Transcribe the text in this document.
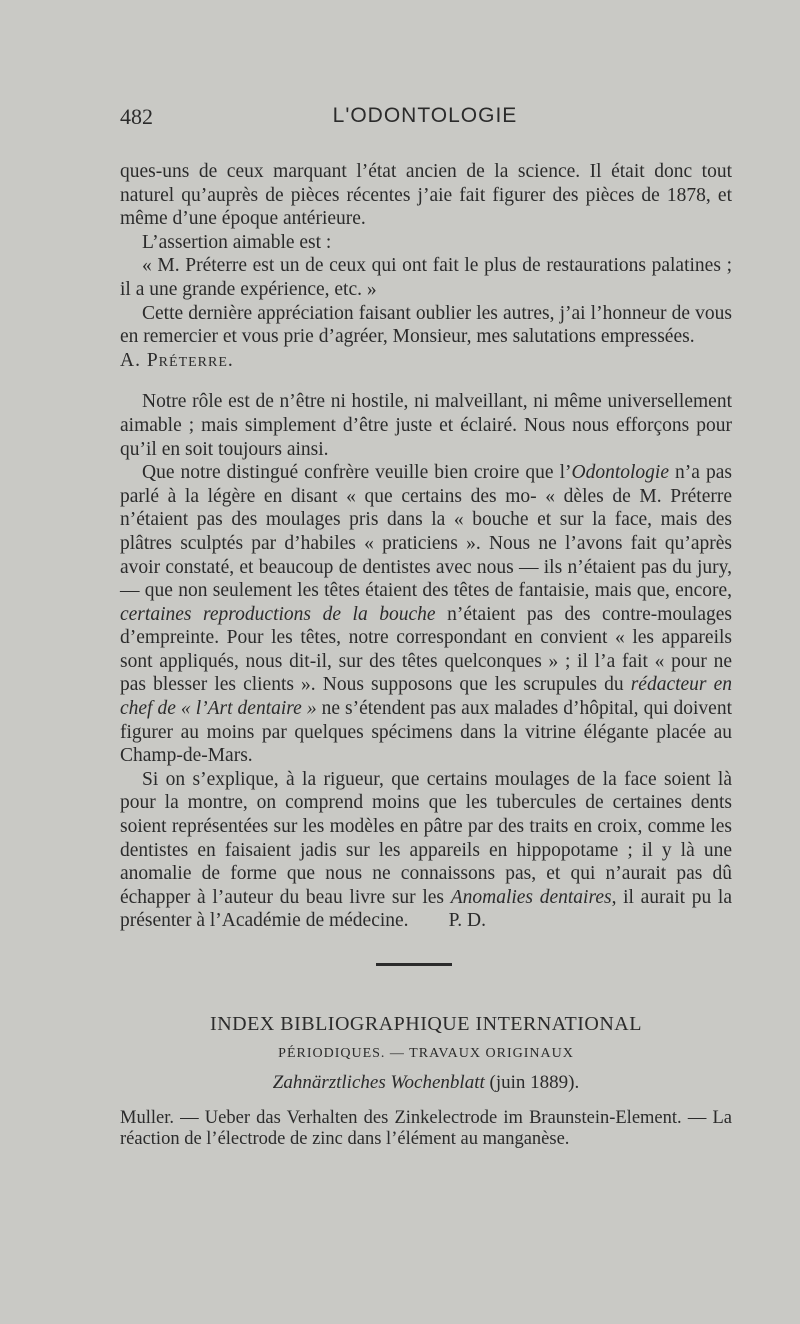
482	L'ODONTOLOGIE

ques-uns de ceux marquant l’état ancien de la science. Il était donc tout naturel qu’auprès de pièces récentes j’aie fait figurer des pièces de 1878, et même d’une époque antérieure.

L’assertion aimable est :

« M. Préterre est un de ceux qui ont fait le plus de restaurations palatines ; il a une grande expérience, etc. »

Cette dernière appréciation faisant oublier les autres, j’ai l’honneur de vous en remercier et vous prie d’agréer, Monsieur, mes salutations empressées.

A. Préterre.

Notre rôle est de n’être ni hostile, ni malveillant, ni même universellement aimable ; mais simplement d’être juste et éclairé. Nous nous efforçons pour qu’il en soit toujours ainsi.

Que notre distingué confrère veuille bien croire que l’Odontologie n’a pas parlé à la légère en disant « que certains des mo- « dèles de M. Préterre n’étaient pas des moulages pris dans la « bouche et sur la face, mais des plâtres sculptés par d’habiles « praticiens ». Nous ne l’avons fait qu’après avoir constaté, et beaucoup de dentistes avec nous — ils n’étaient pas du jury, — que non seulement les têtes étaient des têtes de fantaisie, mais que, encore, certaines reproductions de la bouche n’étaient pas des contre-moulages d’empreinte. Pour les têtes, notre correspondant en convient « les appareils sont appliqués, nous dit-il, sur des têtes quelconques » ; il l’a fait « pour ne pas blesser les clients ». Nous supposons que les scrupules du rédacteur en chef de « l’Art dentaire » ne s’étendent pas aux malades d’hôpital, qui doivent figurer au moins par quelques spécimens dans la vitrine élégante placée au Champ-de-Mars.

Si on s’explique, à la rigueur, que certains moulages de la face soient là pour la montre, on comprend moins que les tubercules de certaines dents soient représentées sur les modèles en pâtre par des traits en croix, comme les dentistes en faisaient jadis sur les appareils en hippopotame ; il y là une anomalie de forme que nous ne connaissons pas, et qui n’aurait pas dû échapper à l’auteur du beau livre sur les Anomalies dentaires, il aurait pu la présenter à l’Académie de médecine. P. D.

INDEX BIBLIOGRAPHIQUE INTERNATIONAL
PÉRIODIQUES. — TRAVAUX ORIGINAUX
Zahnärztliches Wochenblatt (juin 1889).
Muller. — Ueber das Verhalten des Zinkelectrode im Braunstein-Element. — La réaction de l’électrode de zinc dans l’élément au manganèse.
